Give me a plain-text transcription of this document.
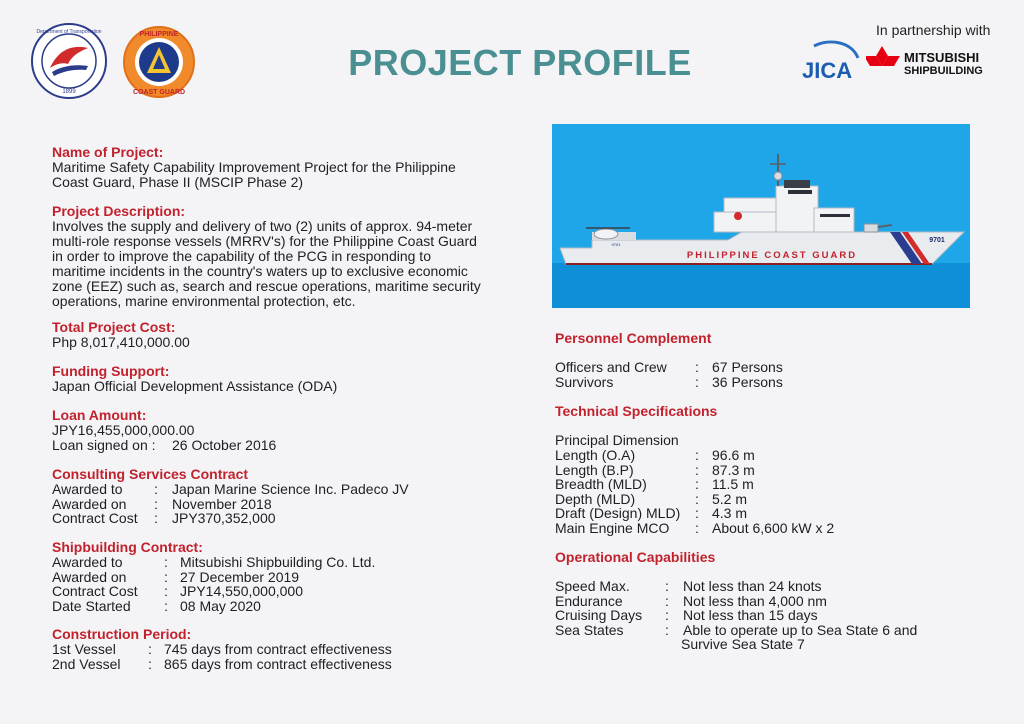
1899
Department of Transportation	PHILIPPINE
COAST GUARD
PROJECT PROFILE
In partnership with
JICA
MITSUBISHI
SHIPBUILDING
Name of Project:
Maritime Safety Capability Improvement Project for the Philippine
Coast Guard, Phase II (MSCIP Phase 2)
Project Description:
Involves the supply and delivery of two (2) units of approx. 94-meter
multi-role response vessels (MRRV's) for the Philippine Coast Guard
in order to improve the capability of the PCG in responding to
maritime incidents in the country's waters up to exclusive economic
zone (EEZ) such as, search and rescue operations, maritime security
operations, marine environmental protection, etc.
Total Project Cost:
Php 8,017,410,000.00
Funding Support:
Japan Official Development Assistance (ODA)
Loan Amount:
JPY16,455,000,000.00
Loan signed on :	26 October 2016
Consulting Services Contract
Awarded to	:	Japan Marine Science Inc. Padeco JV
Awarded on	:	November 2018
Contract Cost	:	JPY370,352,000
Shipbuilding Contract:
Awarded to	: Mitsubishi Shipbuilding Co. Ltd.
Awarded on	: 27 December 2019
Contract Cost	: JPY14,550,000,000
Date Started	: 08 May 2020
Construction Period:
1st Vessel	: 745 days from contract effectiveness
2nd Vessel	: 865 days from contract effectiveness
PHILIPPINE COAST GUARD
9701
9701
Personnel Complement
Officers and Crew	: 67 Persons
Survivors	: 36 Persons
Technical Specifications
Principal Dimension
Length (O.A)	: 96.6 m
Length (B.P)	: 87.3 m
Breadth (MLD)	: 11.5 m
Depth (MLD)	: 5.2 m
Draft (Design) MLD)	: 4.3 m
Main Engine MCO	: About 6,600 kW x 2
Operational Capabilities
Speed Max.	:	Not less than 24 knots
Endurance	:	Not less than 4,000 nm
Cruising Days	:	Not less than 15 days
Sea States	:	Able to operate up to Sea State 6 and
Survive Sea State 7
